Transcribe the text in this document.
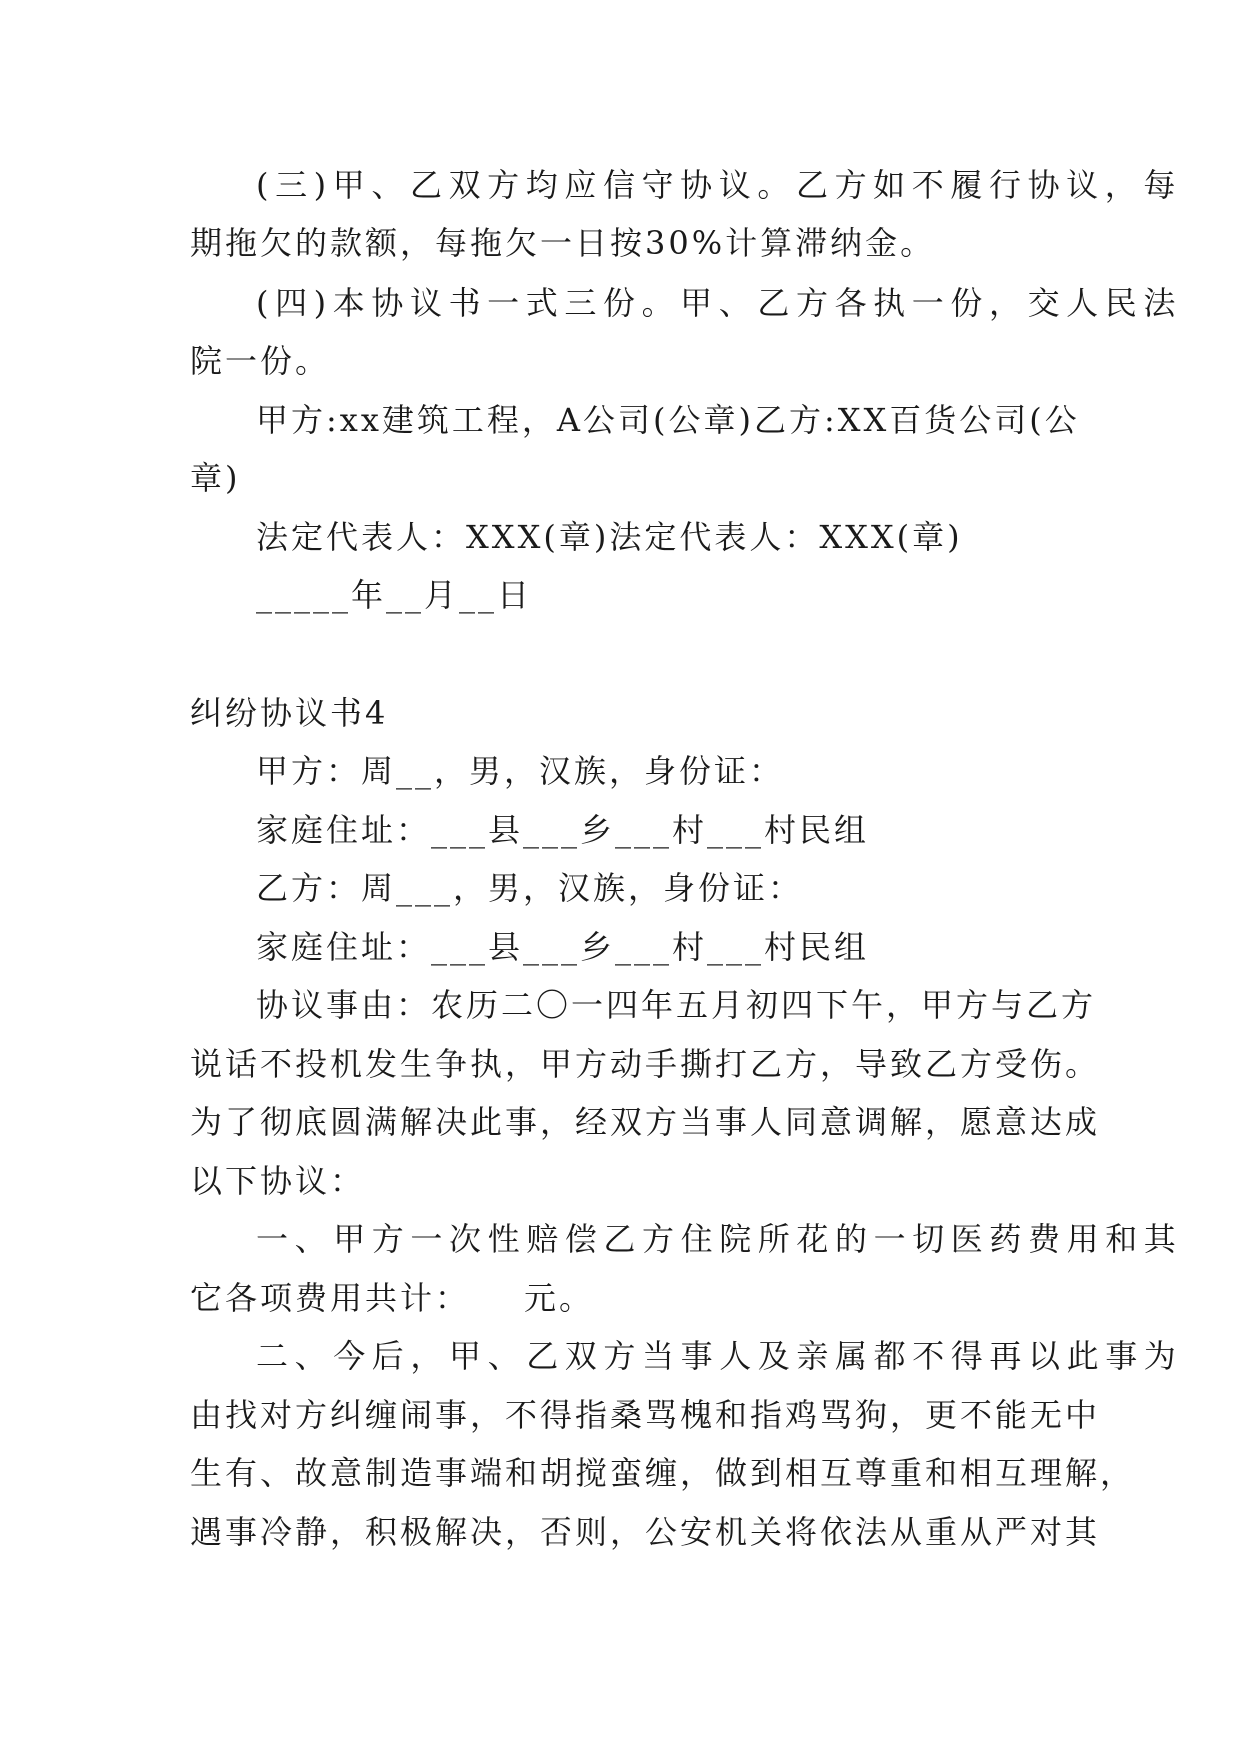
(三)甲、乙双方均应信守协议。乙方如不履行协议，每
期拖欠的款额，每拖欠一日按30%计算滞纳金。
(四)本协议书一式三份。甲、乙方各执一份，交人民法
院一份。
甲方:xx建筑工程，A公司(公章)乙方:XX百货公司(公
章)
法定代表人：XXX(章)法定代表人：XXX(章)
_____年__月__日
纠纷协议书4
甲方：周__，男，汉族，身份证：
家庭住址：___县___乡___村___村民组
乙方：周___，男，汉族，身份证：
家庭住址：___县___乡___村___村民组
协议事由：农历二〇一四年五月初四下午，甲方与乙方
说话不投机发生争执，甲方动手撕打乙方，导致乙方受伤。
为了彻底圆满解决此事，经双方当事人同意调解，愿意达成
以下协议：
一、甲方一次性赔偿乙方住院所花的一切医药费用和其
它各项费用共计：　　元。
二、今后，甲、乙双方当事人及亲属都不得再以此事为
由找对方纠缠闹事，不得指桑骂槐和指鸡骂狗，更不能无中
生有、故意制造事端和胡搅蛮缠，做到相互尊重和相互理解，
遇事冷静，积极解决，否则，公安机关将依法从重从严对其
